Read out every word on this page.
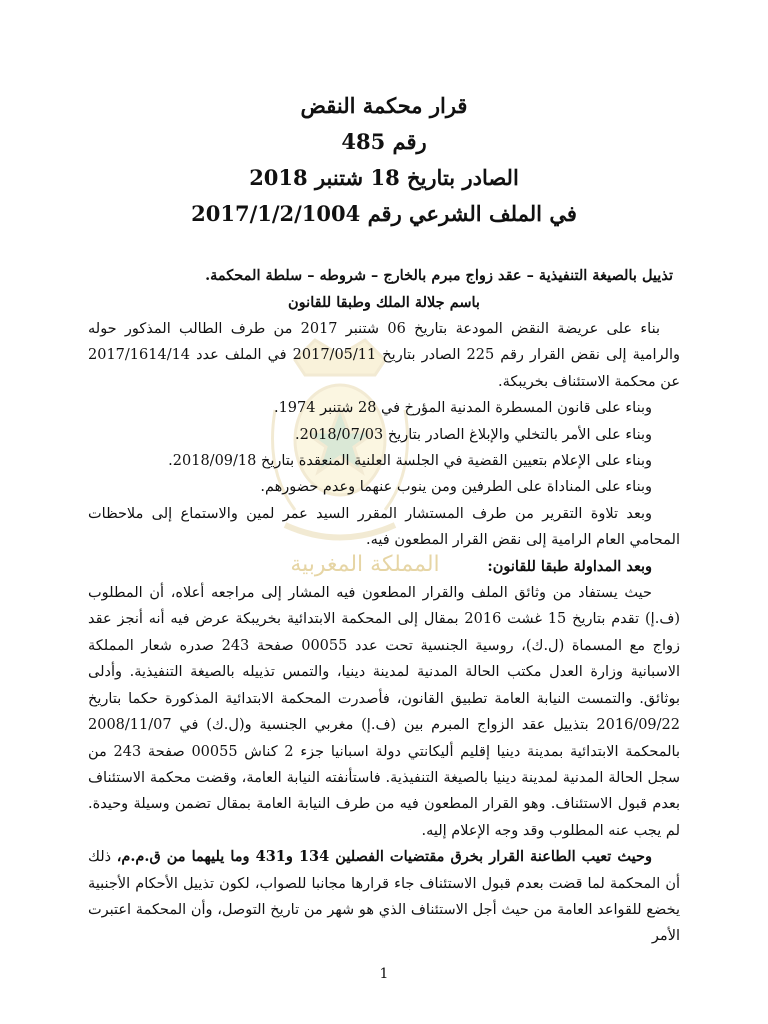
المملكة المغربية
قرار محكمة النقض
رقم 485
الصادر بتاريخ 18 شتنبر 2018
في الملف الشرعي رقم 2017/1/2/1004
تذييل بالصيغة التنفيذية – عقد زواج مبرم بالخارج – شروطه – سلطة المحكمة.
باسم جلالة الملك وطبقا للقانون

بناء على عريضة النقض المودعة بتاريخ 06 شتنبر 2017 من طرف الطالب المذكور حوله والرامية إلى نقض القرار رقم 225 الصادر بتاريخ 2017/05/11 في الملف عدد 2017/1614/14 عن محكمة الاستئناف بخريبكة.

وبناء على قانون المسطرة المدنية المؤرخ في 28 شتنبر 1974.

وبناء على الأمر بالتخلي والإبلاغ الصادر بتاريخ 2018/07/03.

وبناء على الإعلام بتعيين القضية في الجلسة العلنية المنعقدة بتاريخ 2018/09/18.

وبناء على المناداة على الطرفين ومن ينوب عنهما وعدم حضورهم.

وبعد تلاوة التقرير من طرف المستشار المقرر السيد عمر لمين والاستماع إلى ملاحظات المحامي العام الرامية إلى نقض القرار المطعون فيه.

وبعد المداولة طبقا للقانون:

حيث يستفاد من وثائق الملف والقرار المطعون فيه المشار إلى مراجعه أعلاه، أن المطلوب (ف.إ) تقدم بتاريخ 15 غشت 2016 بمقال إلى المحكمة الابتدائية بخريبكة عرض فيه أنه أنجز عقد زواج مع المسماة (ل.ك)، روسية الجنسية تحت عدد 00055 صفحة 243 صدره شعار المملكة الاسبانية وزارة العدل مكتب الحالة المدنية لمدينة دينيا، والتمس تذييله بالصيغة التنفيذية. وأدلى بوثائق. والتمست النيابة العامة تطبيق القانون، فأصدرت المحكمة الابتدائية المذكورة حكما بتاريخ 2016/09/22 بتذييل عقد الزواج المبرم بين (ف.إ) مغربي الجنسية و(ل.ك) في 2008/11/07 بالمحكمة الابتدائية بمدينة دينيا إقليم أليكانتي دولة اسبانيا جزء 2 كناش 00055 صفحة 243 من سجل الحالة المدنية لمدينة دينيا بالصيغة التنفيذية. فاستأنفته النيابة العامة، وقضت محكمة الاستئناف بعدم قبول الاستئناف. وهو القرار المطعون فيه من طرف النيابة العامة بمقال تضمن وسيلة وحيدة. لم يجب عنه المطلوب وقد وجه الإعلام إليه.

وحيث تعيب الطاعنة القرار بخرق مقتضيات الفصلين 134 و431 وما يليهما من ق.م.م، ذلك أن المحكمة لما قضت بعدم قبول الاستئناف جاء قرارها مجانبا للصواب، لكون تذييل الأحكام الأجنبية يخضع للقواعد العامة من حيث أجل الاستئناف الذي هو شهر من تاريخ التوصل، وأن المحكمة اعتبرت الأمر

1
